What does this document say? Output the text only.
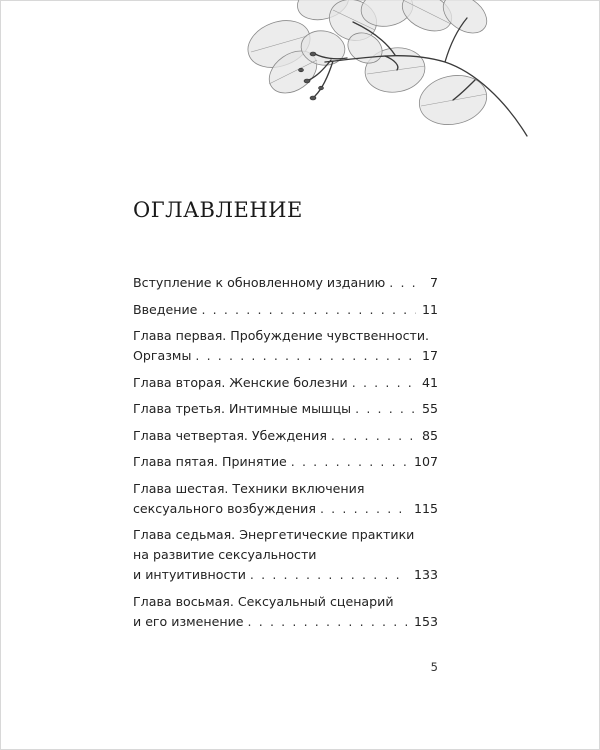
ОГЛАВЛЕНИЕ
Вступление к обновленному изданию . . .	7
Введение . . .	11
Глава первая. Пробуждение чувственности.
Оргазмы . . .	17
Глава вторая. Женские болезни . . .	41
Глава третья. Интимные мышцы . . .	55
Глава четвертая. Убеждения . . .	85
Глава пятая. Принятие . . .	107
Глава шестая. Техники включения
сексуального возбуждения . . .	115
Глава седьмая. Энергетические практики
на развитие сексуальности
и интуитивности . . .	133
Глава восьмая. Сексуальный сценарий
и его изменение . . .	153
5
